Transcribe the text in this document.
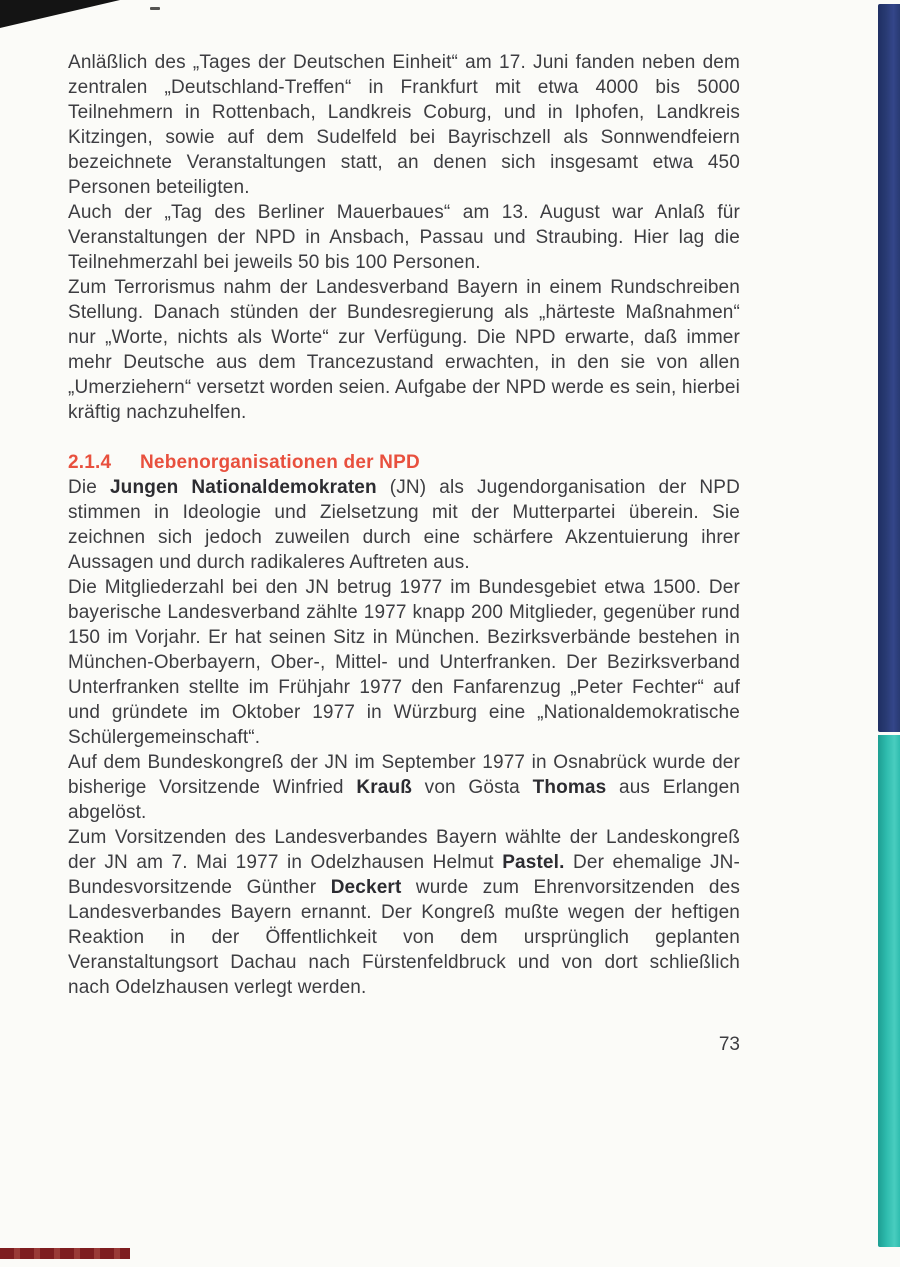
Anläßlich des „Tages der Deutschen Einheit“ am 17. Juni fanden neben dem zentralen „Deutschland-Treffen“ in Frankfurt mit etwa 4000 bis 5000 Teilnehmern in Rottenbach, Landkreis Coburg, und in Iphofen, Landkreis Kitzingen, sowie auf dem Sudelfeld bei Bayrischzell als Sonnwendfeiern bezeichnete Veranstaltungen statt, an denen sich insgesamt etwa 450 Personen beteiligten.

Auch der „Tag des Berliner Mauerbaues“ am 13. August war Anlaß für Veranstaltungen der NPD in Ansbach, Passau und Straubing. Hier lag die Teilnehmerzahl bei jeweils 50 bis 100 Personen.

Zum Terrorismus nahm der Landesverband Bayern in einem Rundschreiben Stellung. Danach stünden der Bundesregierung als „härteste Maßnahmen“ nur „Worte, nichts als Worte“ zur Verfügung. Die NPD erwarte, daß immer mehr Deutsche aus dem Trancezustand erwachten, in den sie von allen „Umerziehern“ versetzt worden seien. Aufgabe der NPD werde es sein, hierbei kräftig nachzuhelfen.

2.1.4 Nebenorganisationen der NPD

Die Jungen Nationaldemokraten (JN) als Jugendorganisation der NPD stimmen in Ideologie und Zielsetzung mit der Mutterpartei überein. Sie zeichnen sich jedoch zuweilen durch eine schärfere Akzentuierung ihrer Aussagen und durch radikaleres Auftreten aus.

Die Mitgliederzahl bei den JN betrug 1977 im Bundesgebiet etwa 1500. Der bayerische Landesverband zählte 1977 knapp 200 Mitglieder, gegenüber rund 150 im Vorjahr. Er hat seinen Sitz in München. Bezirksverbände bestehen in München-Oberbayern, Ober-, Mittel- und Unterfranken. Der Bezirksverband Unterfranken stellte im Frühjahr 1977 den Fanfarenzug „Peter Fechter“ auf und gründete im Oktober 1977 in Würzburg eine „Nationaldemokratische Schülergemeinschaft“.

Auf dem Bundeskongreß der JN im September 1977 in Osnabrück wurde der bisherige Vorsitzende Winfried Krauß von Gösta Thomas aus Erlangen abgelöst.

Zum Vorsitzenden des Landesverbandes Bayern wählte der Landeskongreß der JN am 7. Mai 1977 in Odelzhausen Helmut Pastel. Der ehemalige JN-Bundesvorsitzende Günther Deckert wurde zum Ehrenvorsitzenden des Landesverbandes Bayern ernannt. Der Kongreß mußte wegen der heftigen Reaktion in der Öffentlichkeit von dem ursprünglich geplanten Veranstaltungsort Dachau nach Fürstenfeldbruck und von dort schließlich nach Odelzhausen verlegt werden.

73
